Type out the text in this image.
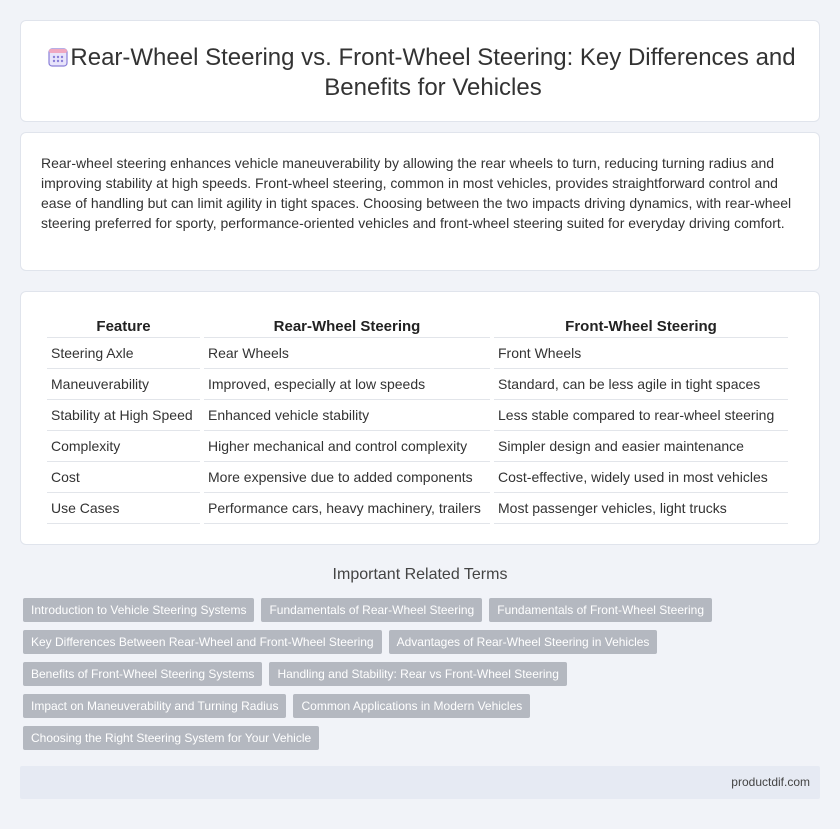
Rear-Wheel Steering vs. Front-Wheel Steering: Key Differences and Benefits for Vehicles

Rear-wheel steering enhances vehicle maneuverability by allowing the rear wheels to turn, reducing turning radius and improving stability at high speeds. Front-wheel steering, common in most vehicles, provides straightforward control and ease of handling but can limit agility in tight spaces. Choosing between the two impacts driving dynamics, with rear-wheel steering preferred for sporty, performance-oriented vehicles and front-wheel steering suited for everyday driving comfort.

Feature	Rear-Wheel Steering	Front-Wheel Steering
Steering Axle	Rear Wheels	Front Wheels
Maneuverability	Improved, especially at low speeds	Standard, can be less agile in tight spaces
Stability at High Speed	Enhanced vehicle stability	Less stable compared to rear-wheel steering
Complexity	Higher mechanical and control complexity	Simpler design and easier maintenance
Cost	More expensive due to added components	Cost-effective, widely used in most vehicles
Use Cases	Performance cars, heavy machinery, trailers	Most passenger vehicles, light trucks
Important Related Terms
Introduction to Vehicle Steering Systems	Fundamentals of Rear-Wheel Steering	Fundamentals of Front-Wheel Steering
Key Differences Between Rear-Wheel and Front-Wheel Steering	Advantages of Rear-Wheel Steering in Vehicles
Benefits of Front-Wheel Steering Systems	Handling and Stability: Rear vs Front-Wheel Steering
Impact on Maneuverability and Turning Radius	Common Applications in Modern Vehicles
Choosing the Right Steering System for Your Vehicle
productdif.com
